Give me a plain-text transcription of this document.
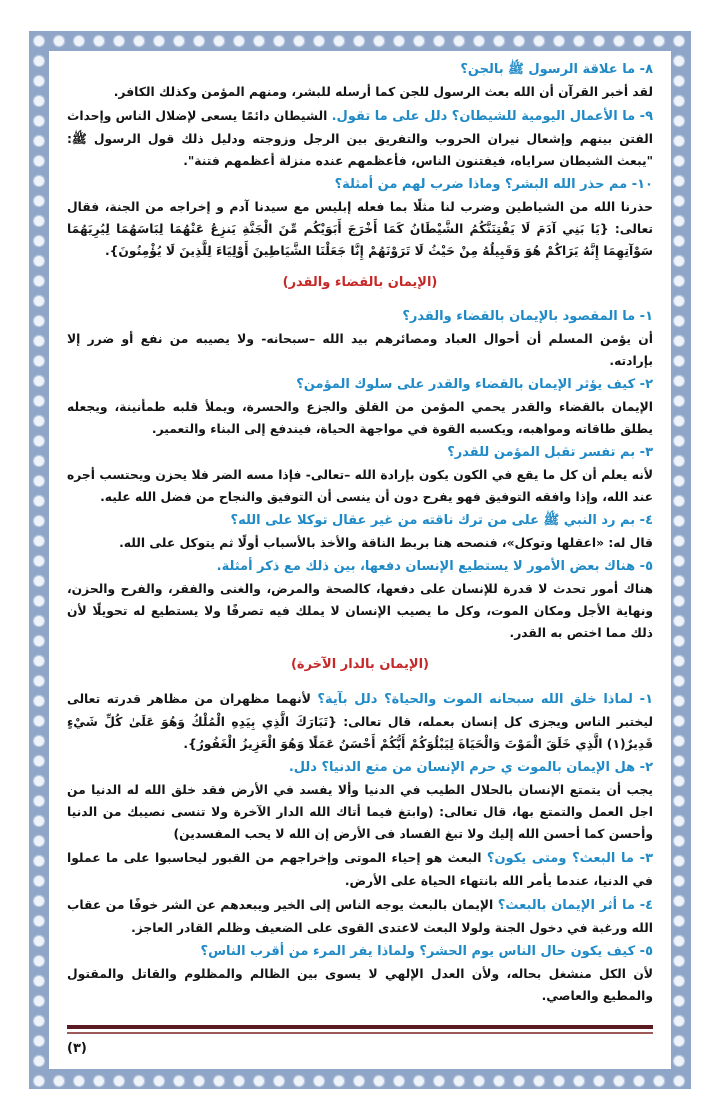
٨- ما علاقة الرسول ﷺ بالجن؟
لقد أخبر القرآن أن الله بعث الرسول للجن كما أرسله للبشر، ومنهم المؤمن وكذلك الكافر.
٩- ما الأعمال اليومية للشيطان؟ دلل على ما تقول. الشيطان دائمًا يسعى لإضلال الناس وإحداث الفتن بينهم وإشعال نيران الحروب والتفريق بين الرجل وزوجته ودليل ذلك قول الرسول ﷺ: "يبعث الشيطان سراياه، فيفتنون الناس، فأعظمهم عنده منزلة أعظمهم فتنة".
١٠- مم حذر الله البشر؟ وماذا ضرب لهم من أمثلة؟
حذرنا الله من الشياطين وضرب لنا مثلًا بما فعله إبليس مع سيدنا آدم و إخراجه من الجنة، فقال تعالى: {يَا بَنِي آدَمَ لَا يَفْتِنَنَّكُمُ الشَّيْطَانُ كَمَا أَخْرَجَ أَبَوَيْكُم مِّنَ الْجَنَّةِ يَنزِعُ عَنْهُمَا لِبَاسَهُمَا لِيُرِيَهُمَا سَوْآتِهِمَا إِنَّهُ يَرَاكُمْ هُوَ وَقَبِيلُهُ مِنْ حَيْثُ لَا تَرَوْنَهُمْ إِنَّا جَعَلْنَا الشَّيَاطِينَ أَوْلِيَاءَ لِلَّذِينَ لَا يُؤْمِنُونَ}.
(الإيمان بالقضاء والقدر)
١- ما المقصود بالإيمان بالقضاء والقدر؟
أن يؤمن المسلم أن أحوال العباد ومصائرهم بيد الله –سبحانه- ولا يصيبه من نفع أو ضرر إلا بإرادته.
٢- كيف يؤثر الإيمان بالقضاء والقدر على سلوك المؤمن؟
الإيمان بالقضاء والقدر يحمي المؤمن من القلق والجزع والحسرة، ويملأ قلبه طمأنينة، ويجعله يطلق طاقاته ومواهبه، ويكسبه القوة في مواجهة الحياة، فيندفع إلى البناء والتعمير.
٣- بم تفسر تقبل المؤمن للقدر؟
لأنه يعلم أن كل ما يقع في الكون يكون بإرادة الله –تعالى- فإذا مسه الضر فلا يحزن ويحتسب أجره عند الله، وإذا وافقه التوفيق فهو يفرح دون أن ينسى أن التوفيق والنجاح من فضل الله عليه.
٤- بم رد النبي ﷺ على من ترك ناقته من غير عقال توكلا على الله؟
قال له: «اعقلها وتوكل»، فنصحه هنا بربط الناقة والأخذ بالأسباب أولًا ثم يتوكل على الله.
٥- هناك بعض الأمور لا يستطيع الإنسان دفعها، بين ذلك مع ذكر أمثلة.
هناك أمور تحدث لا قدرة للإنسان على دفعها، كالصحة والمرض، والغنى والفقر، والفرح والحزن، ونهاية الأجل ومكان الموت، وكل ما يصيب الإنسان لا يملك فيه تصرفًا ولا يستطيع له تحويلًا لأن ذلك مما اختص به القدر.
(الإيمان بالدار الآخرة)
١- لماذا خلق الله سبحانه الموت والحياة؟ دلل بآية؟ لأنهما مظهران من مظاهر قدرته تعالى ليختبر الناس ويجزى كل إنسان بعمله، قال تعالى: {تَبَارَكَ الَّذِي بِيَدِهِ الْمُلْكُ وَهُوَ عَلَىٰ كُلِّ شَيْءٍ قَدِيرٌ(١) الَّذِي خَلَقَ الْمَوْتَ وَالْحَيَاةَ لِيَبْلُوَكُمْ أَيُّكُمْ أَحْسَنُ عَمَلًا وَهُوَ الْعَزِيزُ الْغَفُورُ}.
٢- هل الإيمان بالموت ي حرم الإنسان من متع الدنيا؟ دلل.
يجب أن يتمتع الإنسان بالحلال الطيب في الدنيا وألا يفسد في الأرض فقد خلق الله له الدنيا من اجل العمل والتمتع بها، قال تعالى: (وابتغ فيما أتاك الله الدار الآخرة ولا تنسى نصيبك من الدنيا وأحسن كما أحسن الله إليك ولا تبغ الفساد فى الأرض إن الله لا يحب المفسدين)
٣- ما البعث؟ ومتى يكون؟ البعث هو إحياء الموتى وإخراجهم من القبور ليحاسبوا على ما عملوا في الدنيا، عندما يأمر الله بانتهاء الحياة على الأرض.
٤- ما أثر الإيمان بالبعث؟ الإيمان بالبعث يوجه الناس إلى الخير ويبعدهم عن الشر خوفًا من عقاب الله ورغبة في دخول الجنة ولولا البعث لاعتدى القوى على الضعيف وظلم القادر العاجز.
٥- كيف يكون حال الناس يوم الحشر؟ ولماذا يفر المرء من أقرب الناس؟
لأن الكل منشغل بحاله، ولأن العدل الإلهي لا يسوى بين الظالم والمظلوم والقاتل والمقتول والمطيع والعاصي.
(٣)
